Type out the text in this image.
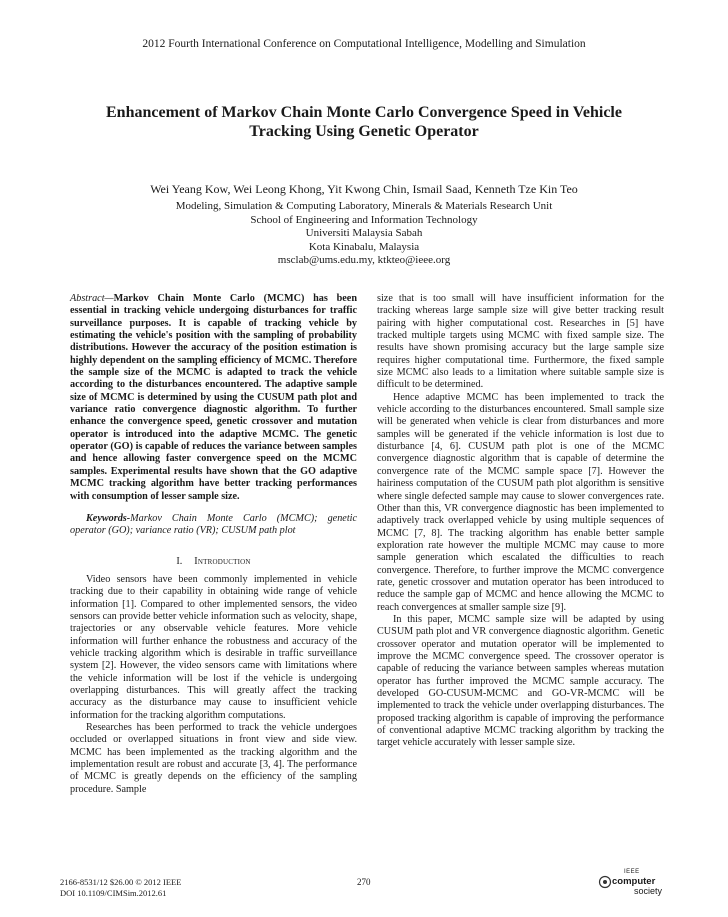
2012 Fourth International Conference on Computational Intelligence, Modelling and Simulation
Enhancement of Markov Chain Monte Carlo Convergence Speed in Vehicle
Tracking Using Genetic Operator
Wei Yeang Kow, Wei Leong Khong, Yit Kwong Chin, Ismail Saad, Kenneth Tze Kin Teo
Modeling, Simulation & Computing Laboratory, Minerals & Materials Research Unit
School of Engineering and Information Technology
Universiti Malaysia Sabah
Kota Kinabalu, Malaysia
msclab@ums.edu.my, ktkteo@ieee.org
Abstract—Markov Chain Monte Carlo (MCMC) has been essential in tracking vehicle undergoing disturbances for traffic surveillance purposes. It is capable of tracking vehicle by estimating the vehicle's position with the sampling of probability distributions. However the accuracy of the position estimation is highly dependent on the sampling efficiency of MCMC. Therefore the sample size of the MCMC is adapted to track the vehicle according to the disturbances encountered. The adaptive sample size of MCMC is determined by using the CUSUM path plot and variance ratio convergence diagnostic algorithm. To further enhance the convergence speed, genetic crossover and mutation operator is introduced into the adaptive MCMC. The genetic operator (GO) is capable of reduces the variance between samples and hence allowing faster convergence speed on the MCMC samples. Experimental results have shown that the GO adaptive MCMC tracking algorithm have better tracking performances with consumption of lesser sample size.
Keywords-Markov Chain Monte Carlo (MCMC); genetic operator (GO); variance ratio (VR); CUSUM path plot
I. Introduction

Video sensors have been commonly implemented in vehicle tracking due to their capability in obtaining wide range of vehicle information [1]. Compared to other implemented sensors, the video sensors can provide better vehicle information such as velocity, shape, trajectories or any observable vehicle features. More vehicle information will further enhance the robustness and accuracy of the vehicle tracking algorithm which is desirable in traffic surveillance system [2]. However, the video sensors came with limitations where the vehicle information will be lost if the vehicle is undergoing overlapping disturbances. This will greatly affect the tracking accuracy as the disturbance may cause to insufficient vehicle information for the tracking algorithm computations.

Researches has been performed to track the vehicle undergoes occluded or overlapped situations in front view and side view. MCMC has been implemented as the tracking algorithm and the implementation result are robust and accurate [3, 4]. The performance of MCMC is greatly depends on the efficiency of the sampling procedure. Sample

size that is too small will have insufficient information for the tracking whereas large sample size will give better tracking result pairing with higher computational cost. Researches in [5] have tracked multiple targets using MCMC with fixed sample size. The results have shown promising accuracy but the large sample size requires higher computational time. Furthermore, the fixed sample size MCMC also leads to a limitation where suitable sample size is difficult to be determined.

Hence adaptive MCMC has been implemented to track the vehicle according to the disturbances encountered. Small sample size will be generated when vehicle is clear from disturbances and more samples will be generated if the vehicle information is lost due to disturbance [4, 6]. CUSUM path plot is one of the MCMC convergence diagnostic algorithm that is capable of determine the convergence rate of the MCMC sample space [7]. However the hairiness computation of the CUSUM path plot algorithm is sensitive where single defected sample may cause to slower convergences rate. Other than this, VR convergence diagnostic has been implemented to adaptively track overlapped vehicle by using multiple sequences of MCMC [7, 8]. The tracking algorithm has enable better sample exploration rate however the multiple MCMC may cause to more sample generation which escalated the difficulties to reach convergence. Therefore, to further improve the MCMC convergence rate, genetic crossover and mutation operator has been introduced to reduce the sample gap of MCMC and hence allowing the MCMC to reach convergences at smaller sample size [9].

In this paper, MCMC sample size will be adapted by using CUSUM path plot and VR convergence diagnostic algorithm. Genetic crossover operator and mutation operator will be implemented to improve the MCMC convergence speed. The crossover operator is capable of reducing the variance between samples whereas mutation operator has further improved the MCMC sample accuracy. The developed GO-CUSUM-MCMC and GO-VR-MCMC will be implemented to track the vehicle under overlapping disturbances. The proposed tracking algorithm is capable of improving the performance of conventional adaptive MCMC tracking algorithm by tracking the target vehicle accurately with lesser sample size.

2166-8531/12 $26.00 © 2012 IEEE
DOI 10.1109/CIMSim.2012.61
270
IEEE
computer
society
